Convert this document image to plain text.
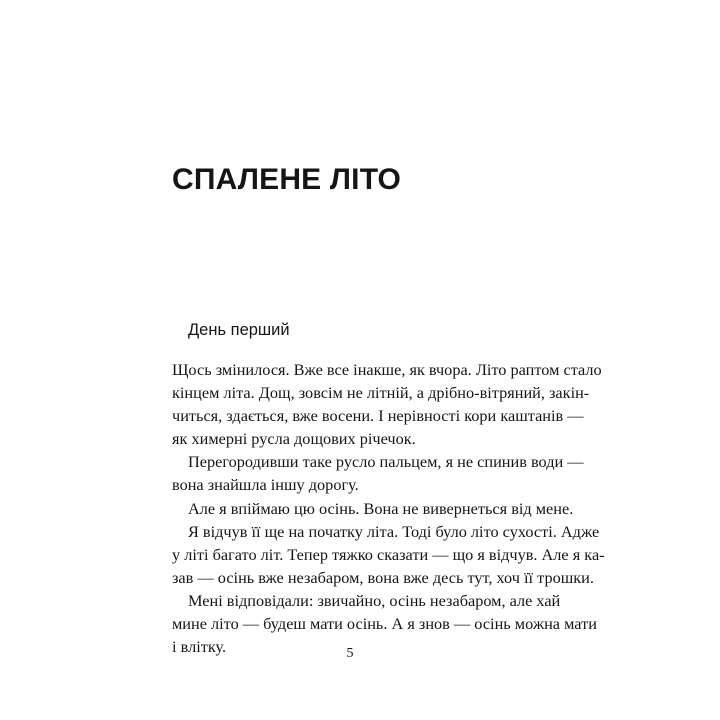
СПАЛЕНЕ ЛІТО
День перший
Щось змінилося. Вже все інакше, як вчора. Літо раптом стало
кінцем літа. Дощ, зовсім не літній, а дрібно-вітряний, закін-
читься, здається, вже восени. І нерівності кори каштанів —
як химерні русла дощових річечок.
Перегородивши таке русло пальцем, я не спинив води —
вона знайшла іншу дорогу.
Але я впіймаю цю осінь. Вона не вивернеться від мене.
Я відчув її ще на початку літа. Тоді було літо сухості. Адже
у літі багато літ. Тепер тяжко сказати — що я відчув. Але я ка-
зав — осінь вже незабаром, вона вже десь тут, хоч її трошки.
Мені відповідали: звичайно, осінь незабаром, але хай
мине літо — будеш мати осінь. А я знов — осінь можна мати
і влітку.	5
